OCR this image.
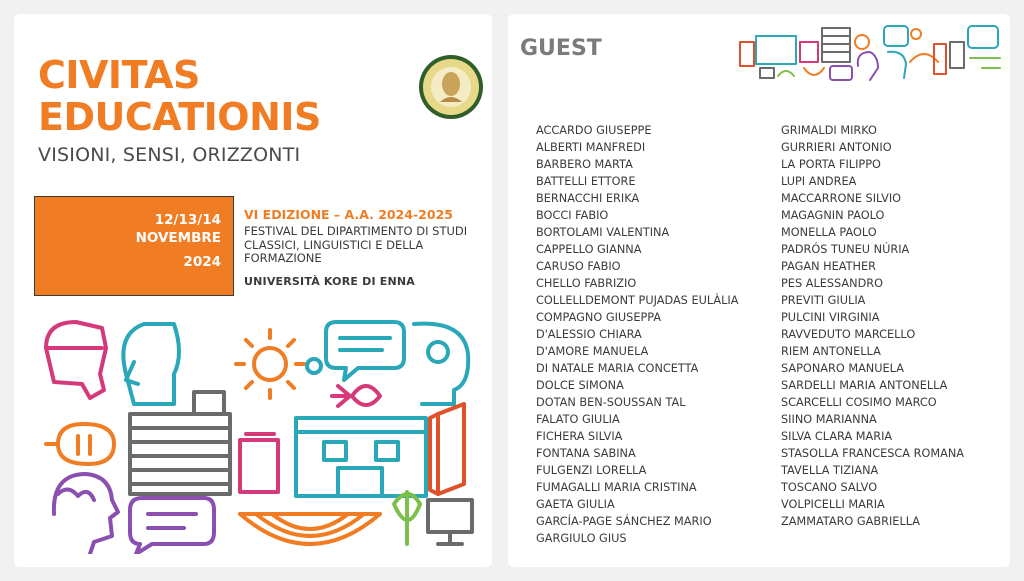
CIVITAS
EDUCATIONIS
VISIONI, SENSI, ORIZZONTI
12/13/14
NOVEMBRE
2024
VI EDIZIONE – A.A. 2024-2025
FESTIVAL DEL DIPARTIMENTO DI STUDI CLASSICI, LINGUISTICI E DELLA FORMAZIONE
UNIVERSITÀ KORE DI ENNA
GUEST
ACCARDO GIUSEPPE
ALBERTI MANFREDI
BARBERO MARTA
BATTELLI ETTORE
BERNACCHI ERIKA
BOCCI FABIO
BORTOLAMI VALENTINA
CAPPELLO GIANNA
CARUSO FABIO
CHELLO FABRIZIO
COLLELLDEMONT PUJADAS EULÀLIA
COMPAGNO GIUSEPPA
D'ALESSIO CHIARA
D'AMORE MANUELA
DI NATALE MARIA CONCETTA
DOLCE SIMONA
DOTAN BEN-SOUSSAN TAL
FALATO GIULIA
FICHERA SILVIA
FONTANA SABINA
FULGENZI LORELLA
FUMAGALLI MARIA CRISTINA
GAETA GIULIA
GARCÍA-PAGE SÁNCHEZ MARIO
GARGIULO GIUS
GRIMALDI MIRKO
GURRIERI ANTONIO
LA PORTA FILIPPO
LUPI ANDREA
MACCARRONE SILVIO
MAGAGNIN PAOLO
MONELLA PAOLO
PADRÓS TUNEU NÚRIA
PAGAN HEATHER
PES ALESSANDRO
PREVITI GIULIA
PULCINI VIRGINIA
RAVVEDUTO MARCELLO
RIEM ANTONELLA
SAPONARO MANUELA
SARDELLI MARIA ANTONELLA
SCARCELLI COSIMO MARCO
SIINO MARIANNA
SILVA CLARA MARIA
STASOLLA FRANCESCA ROMANA
TAVELLA TIZIANA
TOSCANO SALVO
VOLPICELLI MARIA
ZAMMATARO GABRIELLA
